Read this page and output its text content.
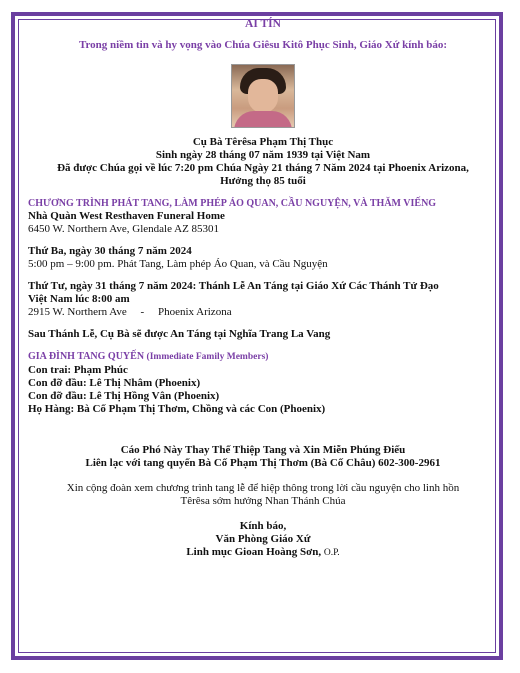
AI TÍN

Trong niềm tin và hy vọng vào Chúa Giêsu Kitô Phục Sinh, Giáo Xứ kính báo:

Cụ Bà Têrêsa Phạm Thị Thục

Sinh ngày 28 tháng 07 năm 1939 tại Việt Nam

Đã được Chúa gọi về lúc 7:20 pm Chúa Ngày 21 tháng 7 Năm 2024 tại Phoenix Arizona,

Hưởng thọ 85 tuổi

CHƯƠNG TRÌNH PHÁT TANG, LÀM PHÉP ÁO QUAN, CẦU NGUYỆN, VÀ THĂM VIẾNG

Nhà Quàn West Resthaven Funeral Home

6450 W. Northern Ave, Glendale AZ 85301

Thứ Ba, ngày 30 tháng 7 năm 2024

5:00 pm – 9:00 pm. Phát Tang, Làm phép Áo Quan, và Cầu Nguyện

Thứ Tư, ngày 31 tháng 7 năm 2024: Thánh Lễ An Táng tại Giáo Xứ Các Thánh Tử Đạo

Việt Nam lúc 8:00 am

2915 W. Northern Ave     -     Phoenix Arizona

Sau Thánh Lễ, Cụ Bà sẽ được An Táng tại Nghĩa Trang La Vang

GIA ĐÌNH TANG QUYẾN (Immediate Family Members)

Con trai: Phạm Phúc

Con đỡ đầu: Lê Thị Nhâm (Phoenix)

Con đỡ đầu: Lê Thị Hồng Vân (Phoenix)

Họ Hàng: Bà Cố Phạm Thị Thơm, Chồng và các Con (Phoenix)

Cáo Phó Này Thay Thế Thiệp Tang và Xin Miễn Phúng Điếu

Liên lạc với tang quyến Bà Cố Phạm Thị Thơm (Bà Cố Châu) 602-300-2961

Xin cộng đoàn xem chương trình tang lễ để hiệp thông trong lời cầu nguyện cho linh hồn

Têrêsa sớm hưởng Nhan Thánh Chúa

Kính báo,

Văn Phòng Giáo Xứ

Linh mục Gioan Hoàng Sơn, O.P.
